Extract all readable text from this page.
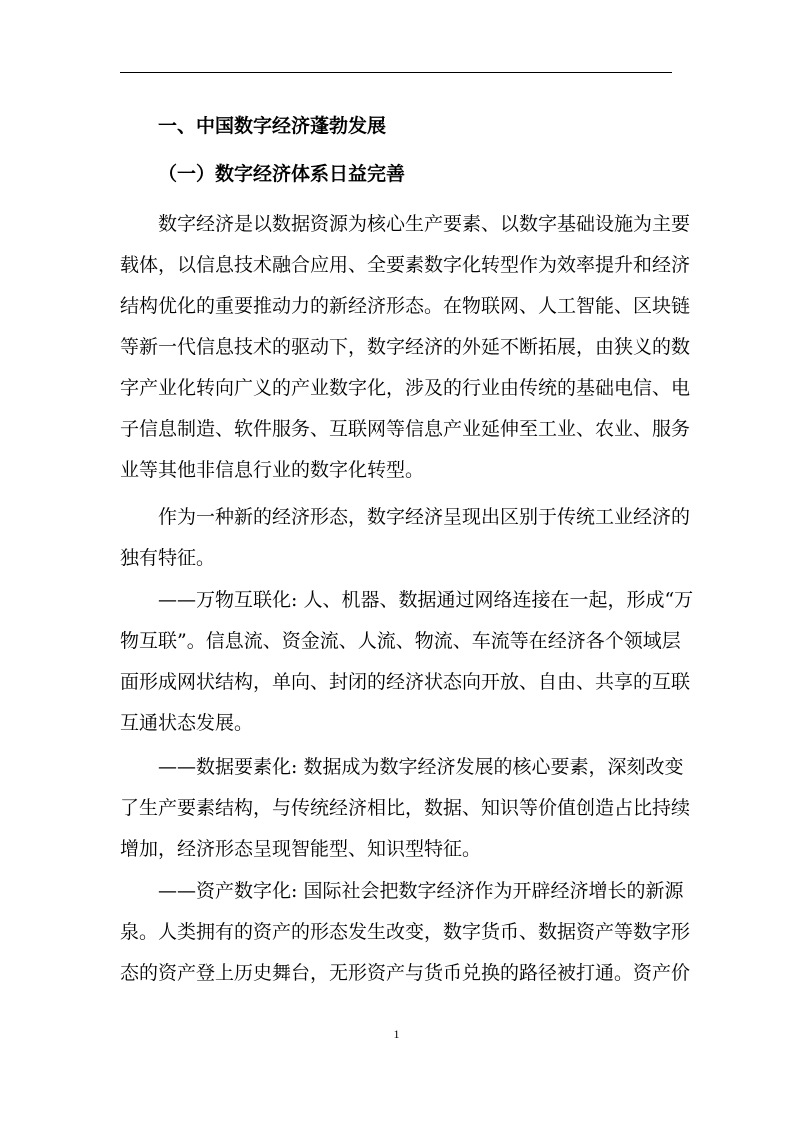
一、中国数字经济蓬勃发展
（一）数字经济体系日益完善
数字经济是以数据资源为核心生产要素、以数字基础设施为主要
载体，以信息技术融合应用、全要素数字化转型作为效率提升和经济
结构优化的重要推动力的新经济形态。在物联网、人工智能、区块链
等新一代信息技术的驱动下，数字经济的外延不断拓展，由狭义的数
字产业化转向广义的产业数字化，涉及的行业由传统的基础电信、电
子信息制造、软件服务、互联网等信息产业延伸至工业、农业、服务
业等其他非信息行业的数字化转型。
作为一种新的经济形态，数字经济呈现出区别于传统工业经济的
独有特征。
——万物互联化: 人、机器、数据通过网络连接在一起，形成“万
物互联”。信息流、资金流、人流、物流、车流等在经济各个领域层
面形成网状结构，单向、封闭的经济状态向开放、自由、共享的互联
互通状态发展。
——数据要素化: 数据成为数字经济发展的核心要素，深刻改变
了生产要素结构，与传统经济相比，数据、知识等价值创造占比持续
增加，经济形态呈现智能型、知识型特征。
——资产数字化: 国际社会把数字经济作为开辟经济增长的新源
泉。人类拥有的资产的形态发生改变，数字货币、数据资产等数字形
态的资产登上历史舞台，无形资产与货币兑换的路径被打通。资产价
1
